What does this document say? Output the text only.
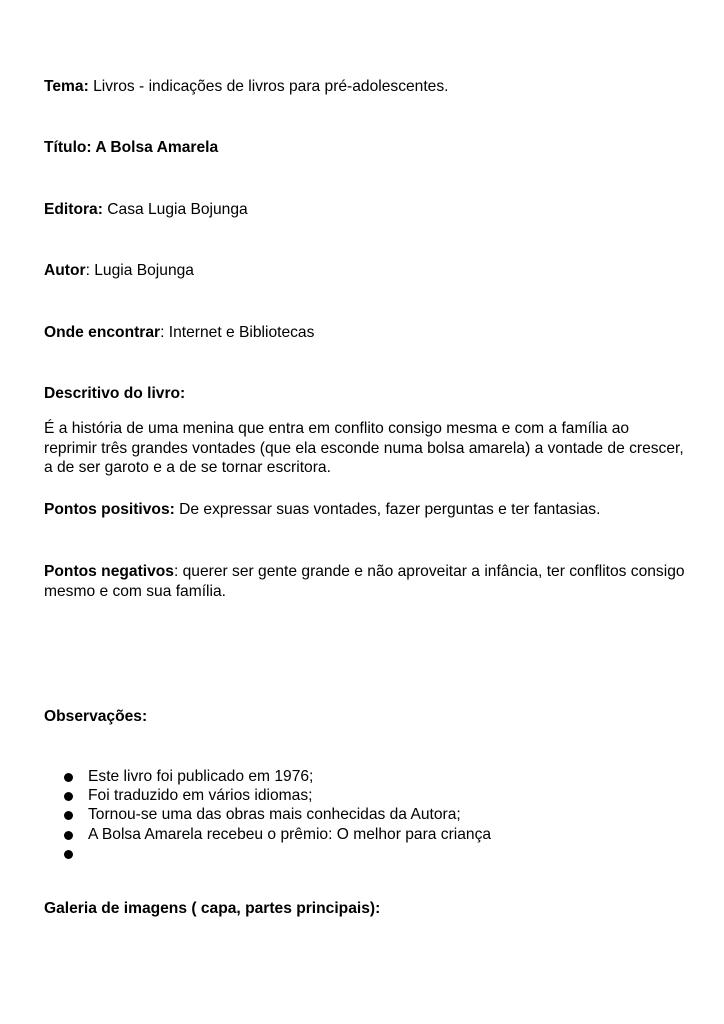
Tema: Livros - indicações de livros para pré-adolescentes.
Título: A Bolsa Amarela
Editora: Casa Lugia Bojunga
Autor: Lugia Bojunga
Onde encontrar: Internet e Bibliotecas
Descritivo do livro:
É a história de uma menina que entra em conflito consigo mesma e com a família ao reprimir três grandes vontades (que ela esconde numa bolsa amarela) a vontade de crescer, a de ser garoto e a de se tornar escritora.
Pontos positivos: De expressar suas vontades, fazer perguntas e ter fantasias.
Pontos negativos: querer ser gente grande e não aproveitar a infância, ter conflitos consigo mesmo e com sua família.
Observações:
Este livro foi publicado em 1976;
Foi traduzido em vários idiomas;
Tornou-se uma das obras mais conhecidas da Autora;
A Bolsa Amarela recebeu o prêmio: O melhor para criança
Galeria de imagens ( capa, partes principais):
